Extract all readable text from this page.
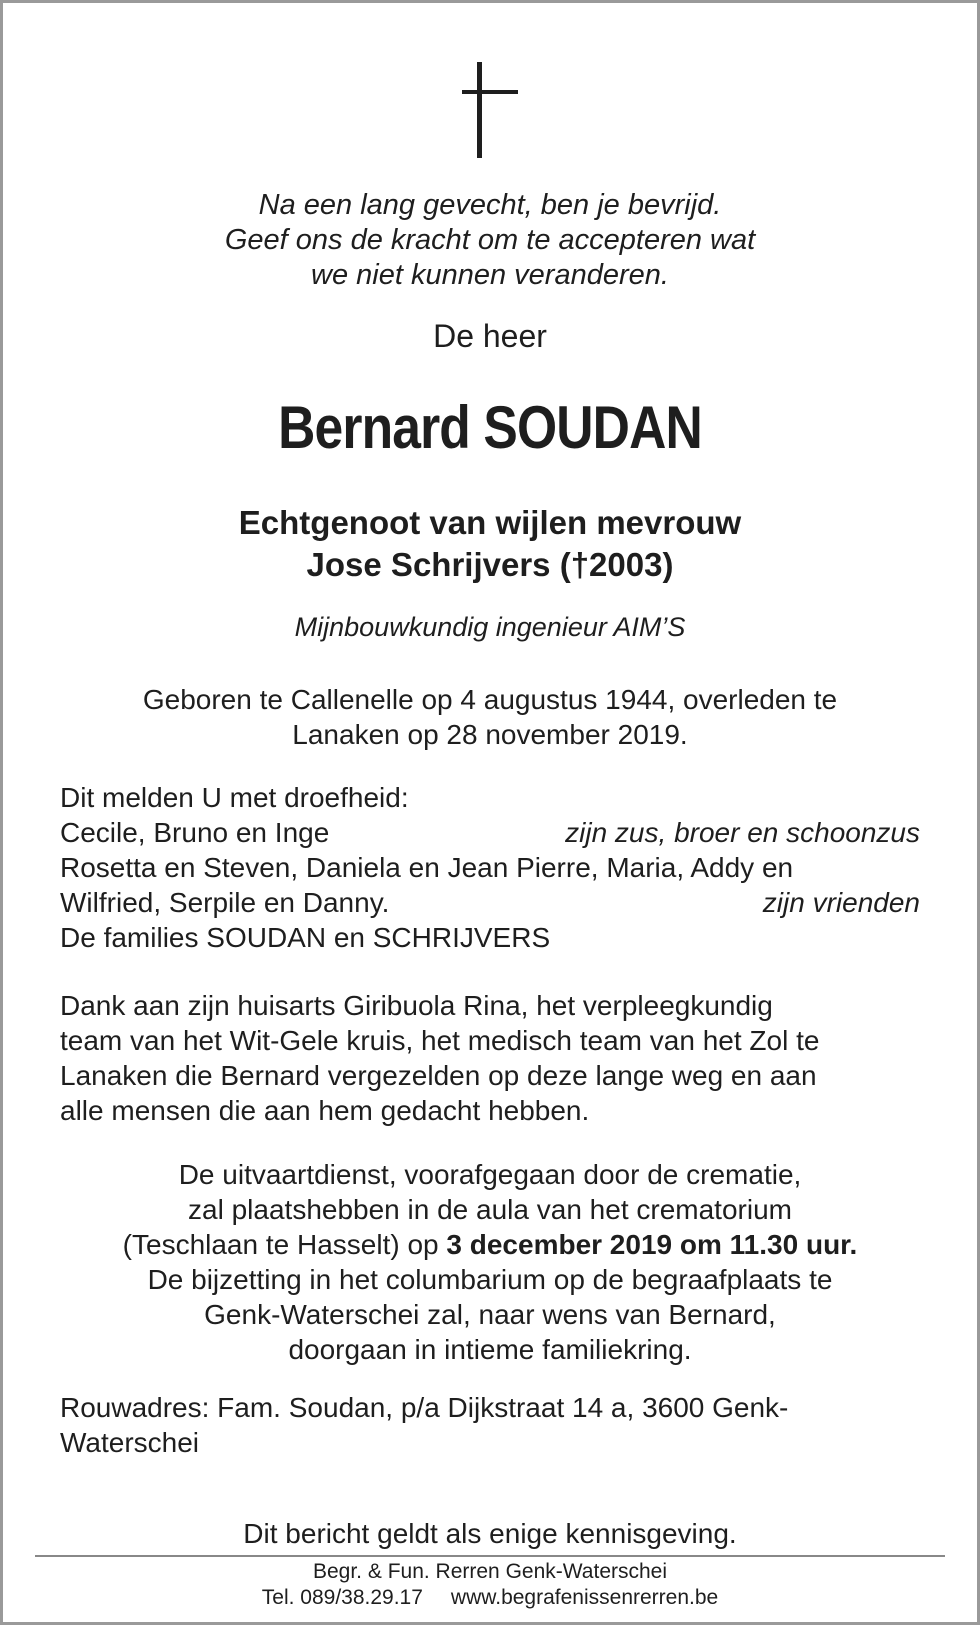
Na een lang gevecht, ben je bevrijd.
Geef ons de kracht om te accepteren wat
we niet kunnen veranderen.
De heer
Bernard SOUDAN
Echtgenoot van wijlen mevrouw
Jose Schrijvers (†2003)
Mijnbouwkundig ingenieur AIM’S
Geboren te Callenelle op 4 augustus 1944, overleden te
Lanaken op 28 november 2019.
Dit melden U met droefheid:
Cecile, Bruno en Inge	zijn zus, broer en schoonzus
Rosetta en Steven, Daniela en Jean Pierre, Maria, Addy en
Wilfried, Serpile en Danny.	zijn vrienden
De families SOUDAN en SCHRIJVERS
Dank aan zijn huisarts Giribuola Rina, het verpleegkundig
team van het Wit-Gele kruis, het medisch team van het Zol te
Lanaken die Bernard vergezelden op deze lange weg en aan
alle mensen die aan hem gedacht hebben.
De uitvaartdienst, voorafgegaan door de crematie,
zal plaatshebben in de aula van het crematorium
(Teschlaan te Hasselt) op 3 december 2019 om 11.30 uur.
De bijzetting in het columbarium op de begraafplaats te
Genk-Waterschei zal, naar wens van Bernard,
doorgaan in intieme familiekring.
Rouwadres: Fam. Soudan, p/a Dijkstraat 14 a, 3600 Genk-
Waterschei
Dit bericht geldt als enige kennisgeving.
Begr. & Fun. Rerren Genk-Waterschei
Tel. 089/38.29.17 www.begrafenissenrerren.be
